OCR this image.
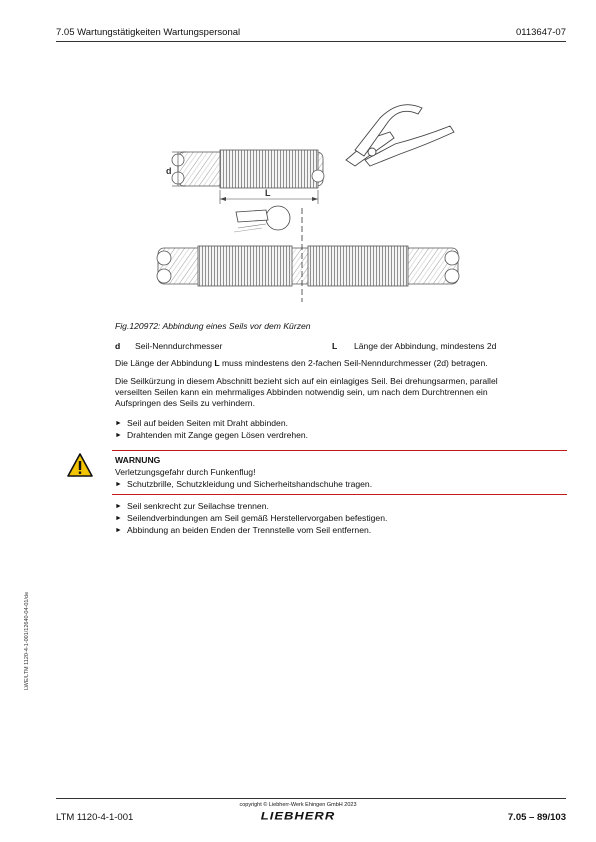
7.05 Wartungstätigkeiten Wartungspersonal	0113647-07
d
L
Fig.120972: Abbindung eines Seils vor dem Kürzen
d Seil-Nenndurchmesser	L Länge der Abbindung, mindestens 2d
Die Länge der Abbindung L muss mindestens den 2-fachen Seil-Nenndurchmesser (2d) betragen.
Die Seilkürzung in diesem Abschnitt bezieht sich auf ein einlagiges Seil. Bei drehungsarmen, parallel
verseilten Seilen kann ein mehrmaliges Abbinden notwendig sein, um nach dem Durchtrennen ein
Aufspringen des Seils zu verhindern.
► Seil auf beiden Seiten mit Draht abbinden.
► Drahtenden mit Zange gegen Lösen verdrehen.
WARNUNG
Verletzungsgefahr durch Funkenflug!
► Schutzbrille, Schutzkleidung und Sicherheitshandschuhe tragen.
► Seil senkrecht zur Seilachse trennen.
► Seilendverbindungen am Seil gemäß Herstellervorgaben befestigen.
► Abbindung an beiden Enden der Trennstelle vom Seil entfernen.
LWE/LTM 1120-4-1-001/12640-04-01/de
copyright © Liebherr-Werk Ehingen GmbH 2023
LTM 1120-4-1-001	LIEBHERR	7.05 – 89/103
